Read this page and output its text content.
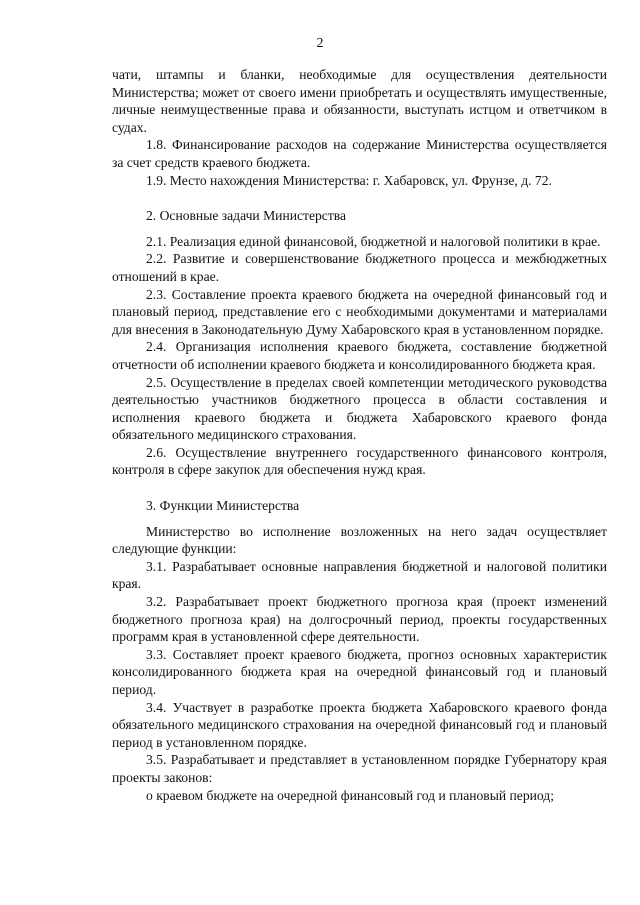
2

чати, штампы и бланки, необходимые для осуществления деятельности Министерства; может от своего имени приобретать и осуществлять имущественные, личные неимущественные права и обязанности, выступать истцом и ответчиком в судах.

1.8. Финансирование расходов на содержание Министерства осуществляется за счет средств краевого бюджета.

1.9. Место нахождения Министерства: г. Хабаровск, ул. Фрунзе, д. 72.

2. Основные задачи Министерства

2.1. Реализация единой финансовой, бюджетной и налоговой политики в крае.

2.2. Развитие и совершенствование бюджетного процесса и межбюджетных отношений в крае.

2.3. Составление проекта краевого бюджета на очередной финансовый год и плановый период, представление его с необходимыми документами и материалами для внесения в Законодательную Думу Хабаровского края в установленном порядке.

2.4. Организация исполнения краевого бюджета, составление бюджетной отчетности об исполнении краевого бюджета и консолидированного бюджета края.

2.5. Осуществление в пределах своей компетенции методического руководства деятельностью участников бюджетного процесса в области составления и исполнения краевого бюджета и бюджета Хабаровского краевого фонда обязательного медицинского страхования.

2.6. Осуществление внутреннего государственного финансового контроля, контроля в сфере закупок для обеспечения нужд края.

3. Функции Министерства

Министерство во исполнение возложенных на него задач осуществляет следующие функции:

3.1. Разрабатывает основные направления бюджетной и налоговой политики края.

3.2. Разрабатывает проект бюджетного прогноза края (проект изменений бюджетного прогноза края) на долгосрочный период, проекты государственных программ края в установленной сфере деятельности.

3.3. Составляет проект краевого бюджета, прогноз основных характеристик консолидированного бюджета края на очередной финансовый год и плановый период.

3.4. Участвует в разработке проекта бюджета Хабаровского краевого фонда обязательного медицинского страхования на очередной финансовый год и плановый период в установленном порядке.

3.5. Разрабатывает и представляет в установленном порядке Губернатору края проекты законов:

о краевом бюджете на очередной финансовый год и плановый период;
